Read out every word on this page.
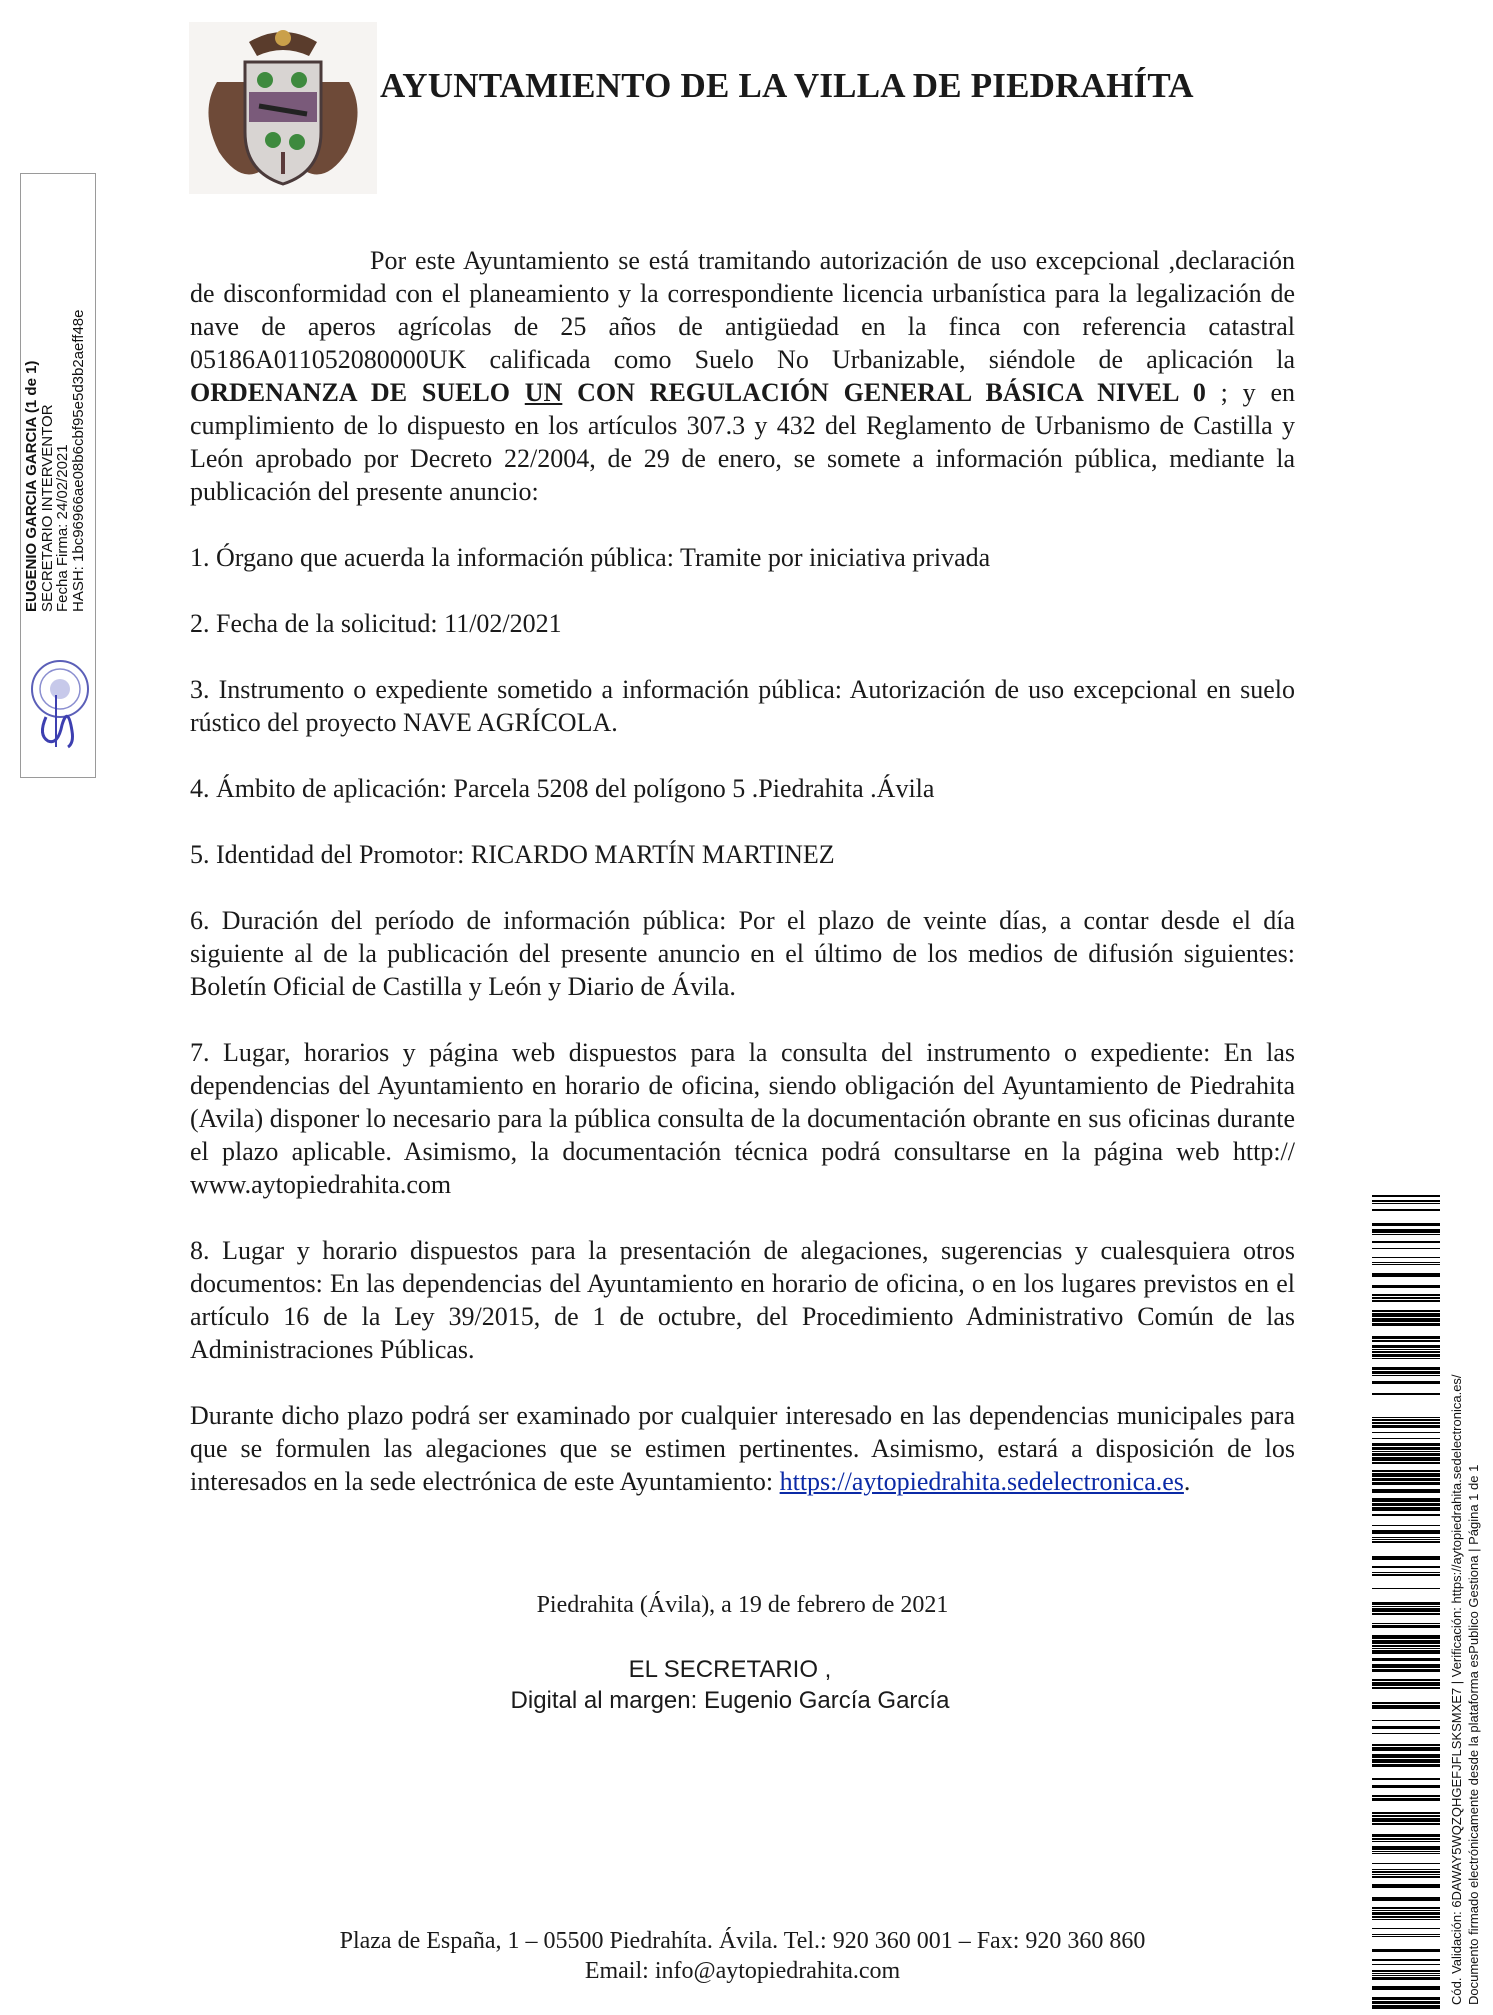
AYUNTAMIENTO DE LA VILLA DE PIEDRAHÍTA
EUGENIO GARCIA GARCIA (1 de 1)
SECRETARIO INTERVENTOR
Fecha Firma: 24/02/2021
HASH: 1bc96966ae08b6cbf95e5d3b2aeff48e

Por este Ayuntamiento se está tramitando autorización de uso excepcional ,declaración de disconformidad con el planeamiento y la correspondiente licencia urbanística para la legalización de nave de aperos agrícolas de 25 años de antigüedad en la finca con referencia catastral 05186A011052080000UK calificada como Suelo No Urbanizable, siéndole de aplicación la ORDENANZA DE SUELO UN CON REGULACIÓN GENERAL BÁSICA NIVEL 0 ; y en cumplimiento de lo dispuesto en los artículos 307.3 y 432 del Reglamento de Urbanismo de Castilla y León aprobado por Decreto 22/2004, de 29 de enero, se somete a información pública, mediante la publicación del presente anuncio:

1. Órgano que acuerda la información pública: Tramite por iniciativa privada

2. Fecha de la solicitud: 11/02/2021

3. Instrumento o expediente sometido a información pública: Autorización de uso excepcional en suelo rústico del proyecto NAVE AGRÍCOLA.

4. Ámbito de aplicación: Parcela 5208 del polígono 5 .Piedrahita .Ávila

5. Identidad del Promotor: RICARDO MARTÍN MARTINEZ

6. Duración del período de información pública: Por el plazo de veinte días, a contar desde el día siguiente al de la publicación del presente anuncio en el último de los medios de difusión siguientes: Boletín Oficial de Castilla y León y Diario de Ávila.

7. Lugar, horarios y página web dispuestos para la consulta del instrumento o expediente: En las dependencias del Ayuntamiento en horario de oficina, siendo obligación del Ayuntamiento de Piedrahita (Avila) disponer lo necesario para la pública consulta de la documentación obrante en sus oficinas durante el plazo aplicable. Asimismo, la documentación técnica podrá consultarse en la página web http:// www.aytopiedrahita.com

8. Lugar y horario dispuestos para la presentación de alegaciones, sugerencias y cualesquiera otros documentos: En las dependencias del Ayuntamiento en horario de oficina, o en los lugares previstos en el artículo 16 de la Ley 39/2015, de 1 de octubre, del Procedimiento Administrativo Común de las Administraciones Públicas.

Durante dicho plazo podrá ser examinado por cualquier interesado en las dependencias municipales para que se formulen las alegaciones que se estimen pertinentes. Asimismo, estará a disposición de los interesados en la sede electrónica de este Ayuntamiento: https://aytopiedrahita.sedelectronica.es.

Piedrahita (Ávila), a 19 de febrero de 2021
EL SECRETARIO ,
Digital al margen: Eugenio García García
Plaza de España, 1 – 05500 Piedrahíta. Ávila. Tel.: 920 360 001 – Fax: 920 360 860
Email: info@aytopiedrahita.com	Cód. Validación: 6DAWAY5WQZQHGEFJFLSKSMXE7 | Verificación: https://aytopiedrahita.sedelectronica.es/ Documento firmado electrónicamente desde la plataforma esPublico Gestiona | Página 1 de 1
